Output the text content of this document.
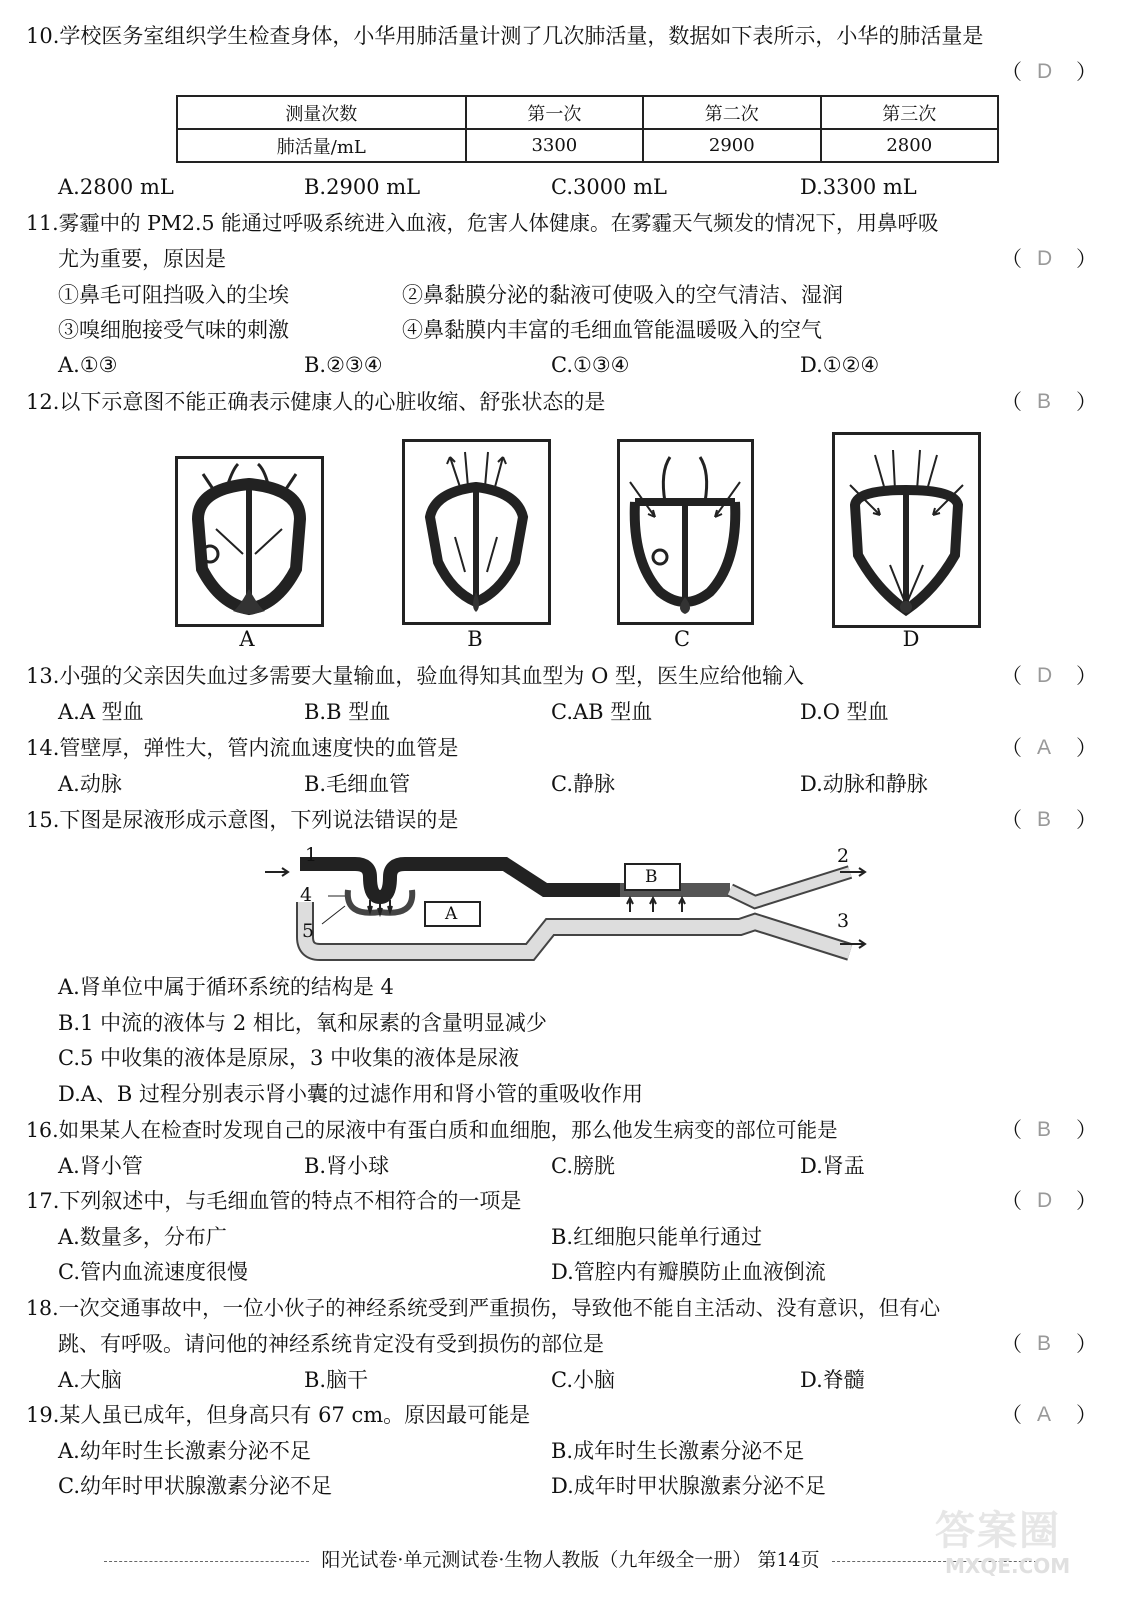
10.学校医务室组织学生检查身体，小华用肺活量计测了几次肺活量，数据如下表所示，小华的肺活量是
（ D ）
测量次数	第一次	第二次	第三次
肺活量/mL	3300	2900	2800
A.2800 mL	B.2900 mL	C.3000 mL	D.3300 mL
11.雾霾中的 PM2.5 能通过呼吸系统进入血液，危害人体健康。在雾霾天气频发的情况下，用鼻呼吸
尤为重要，原因是	（ D ）
①鼻毛可阻挡吸入的尘埃	②鼻黏膜分泌的黏液可使吸入的空气清洁、湿润
③嗅细胞接受气味的刺激	④鼻黏膜内丰富的毛细血管能温暖吸入的空气
A.①③	B.②③④	C.①③④	D.①②④
12.以下示意图不能正确表示健康人的心脏收缩、舒张状态的是	（ B ）
A	B	C	D
13.小强的父亲因失血过多需要大量输血，验血得知其血型为 O 型，医生应给他输入	（ D ）
A.A 型血	B.B 型血	C.AB 型血	D.O 型血
14.管壁厚，弹性大，管内流血速度快的血管是	（ A ）
A.动脉	B.毛细血管	C.静脉	D.动脉和静脉
15.下图是尿液形成示意图，下列说法错误的是	（ B ）
1
4
5
2
3
A
B
A.肾单位中属于循环系统的结构是 4
B.1 中流的液体与 2 相比，氧和尿素的含量明显减少
C.5 中收集的液体是原尿，3 中收集的液体是尿液
D.A、B 过程分别表示肾小囊的过滤作用和肾小管的重吸收作用
16.如果某人在检查时发现自己的尿液中有蛋白质和血细胞，那么他发生病变的部位可能是	（ B ）
A.肾小管	B.肾小球	C.膀胱	D.肾盂
17.下列叙述中，与毛细血管的特点不相符合的一项是	（ D ）
A.数量多，分布广	B.红细胞只能单行通过
C.管内血流速度很慢	D.管腔内有瓣膜防止血液倒流
18.一次交通事故中，一位小伙子的神经系统受到严重损伤，导致他不能自主活动、没有意识，但有心
跳、有呼吸。请问他的神经系统肯定没有受到损伤的部位是	（ B ）
A.大脑	B.脑干	C.小脑	D.脊髓
19.某人虽已成年，但身高只有 67 cm。原因最可能是	（ A ）
A.幼年时生长激素分泌不足	B.成年时生长激素分泌不足
C.幼年时甲状腺激素分泌不足	D.成年时甲状腺激素分泌不足
阳光试卷·单元测试卷·生物人教版（九年级全一册） 第14页
答案圈
MXQE.COM
